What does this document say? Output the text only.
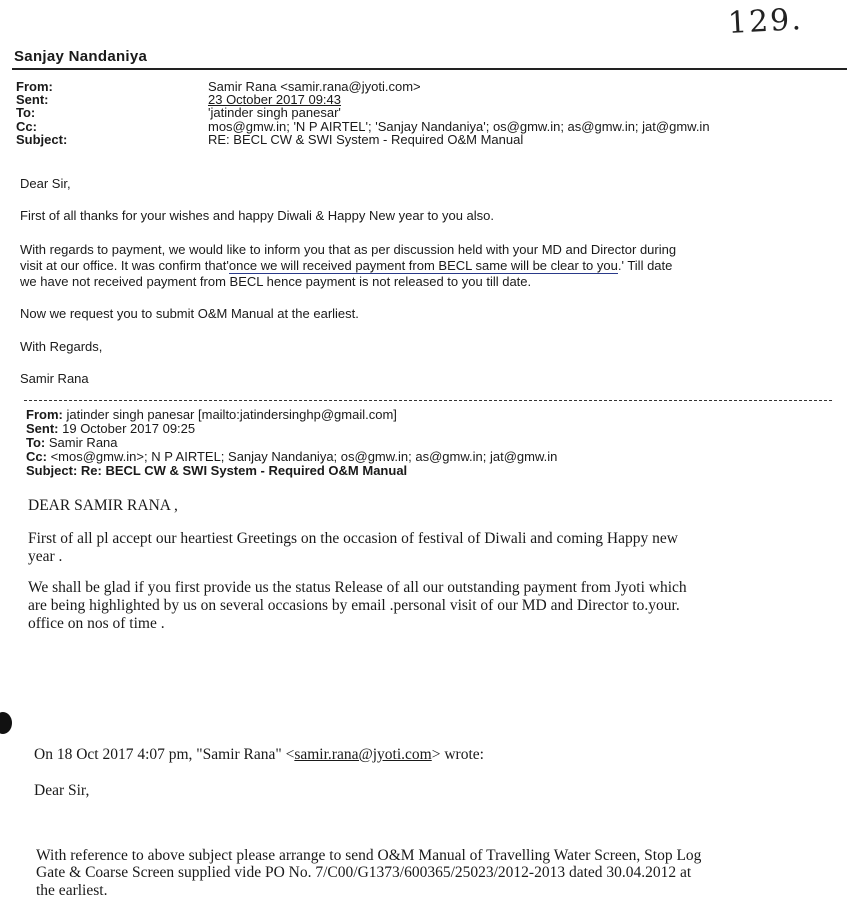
129.
Sanjay Nandaniya
From:	Samir Rana <samir.rana@jyoti.com>
Sent:	23 October 2017 09:43
To:	'jatinder singh panesar'
Cc:	mos@gmw.in; 'N P AIRTEL'; 'Sanjay Nandaniya'; os@gmw.in; as@gmw.in; jat@gmw.in
Subject:	RE: BECL CW & SWI System - Required O&M Manual
Dear Sir,
First of all thanks for your wishes and happy Diwali & Happy New year to you also.
With regards to payment, we would like to inform you that as per discussion held with your MD and Director during
visit at our office. It was confirm that'once we will received payment from BECL same will be clear to you.' Till date
we have not received payment from BECL hence payment is not released to you till date.
Now we request you to submit O&M Manual at the earliest.
With Regards,
Samir Rana
From: jatinder singh panesar [mailto:jatindersinghp@gmail.com]
Sent: 19 October 2017 09:25
To: Samir Rana
Cc: <mos@gmw.in>; N P AIRTEL; Sanjay Nandaniya; os@gmw.in; as@gmw.in; jat@gmw.in
Subject: Re: BECL CW & SWI System - Required O&M Manual
DEAR SAMIR RANA ,
First of all pl accept our heartiest Greetings on the occasion of festival of Diwali and coming Happy new
year .
We shall be glad if you first provide us the status Release of all our outstanding payment from Jyoti which
are being highlighted by us on several occasions by email .personal visit of our MD and Director to.your.
office on nos of time .
On 18 Oct 2017 4:07 pm, "Samir Rana" <samir.rana@jyoti.com> wrote:
Dear Sir,
With reference to above subject please arrange to send O&M Manual of Travelling Water Screen, Stop Log
Gate & Coarse Screen supplied vide PO No. 7/C00/G1373/600365/25023/2012-2013 dated 30.04.2012 at
the earliest.
